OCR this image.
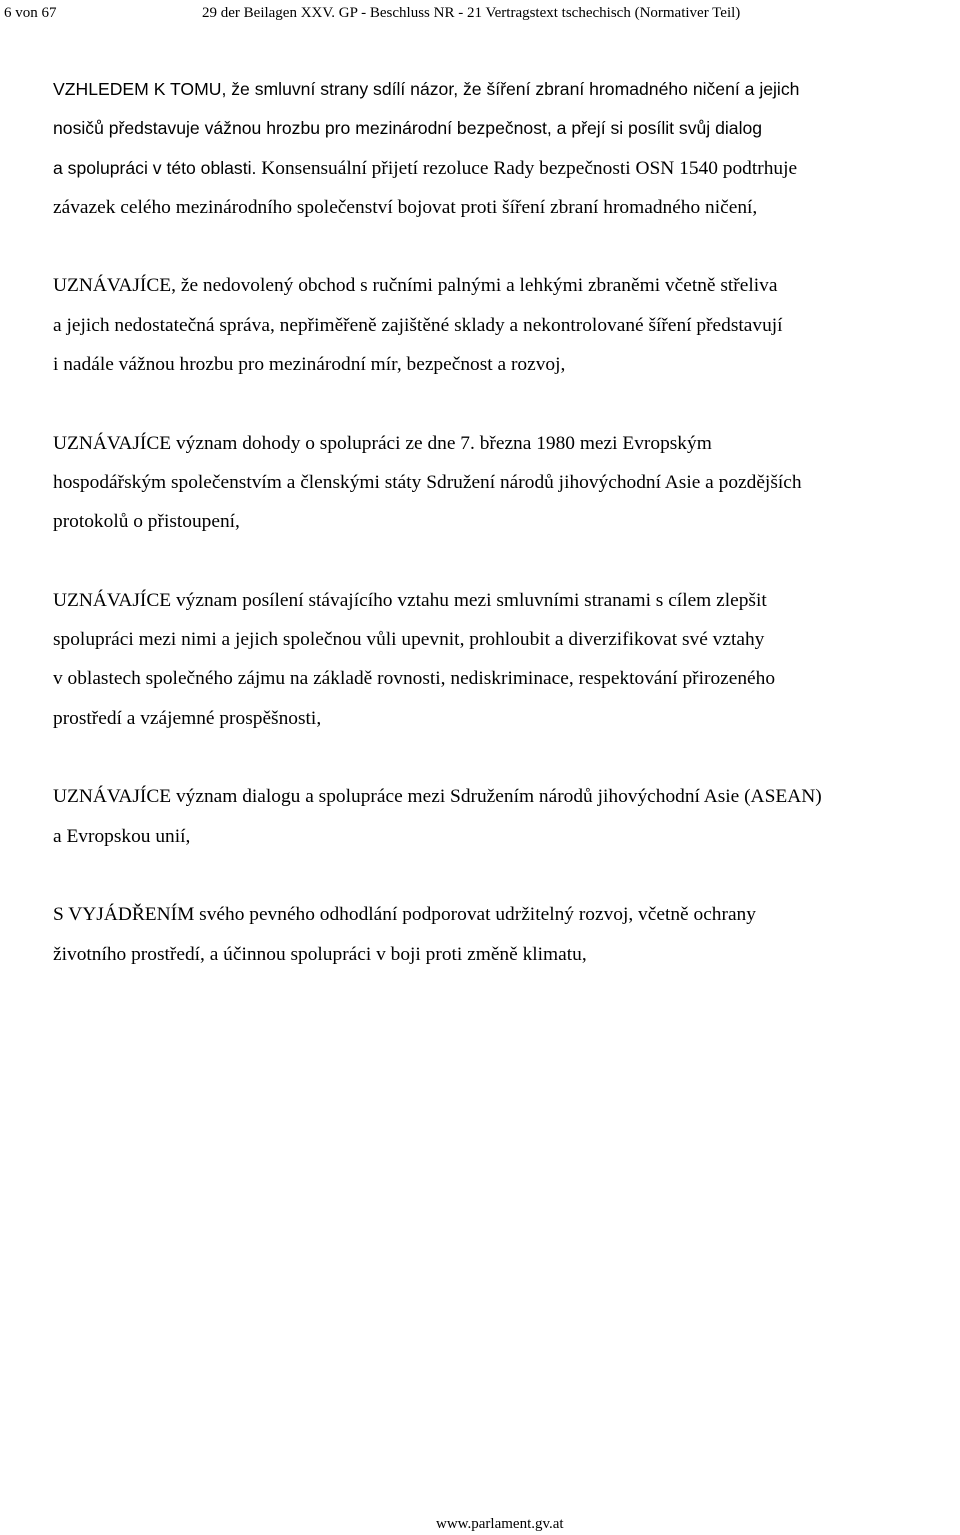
6 von 67	29 der Beilagen XXV. GP - Beschluss NR - 21 Vertragstext tschechisch (Normativer Teil)
VZHLEDEM K TOMU, že smluvní strany sdílí názor, že šíření zbraní hromadného ničení a jejich
nosičů představuje vážnou hrozbu pro mezinárodní bezpečnost, a přejí si posílit svůj dialog
a spolupráci v této oblasti. Konsensuální přijetí rezoluce Rady bezpečnosti OSN 1540 podtrhuje
závazek celého mezinárodního společenství bojovat proti šíření zbraní hromadného ničení,
UZNÁVAJÍCE, že nedovolený obchod s ručními palnými a lehkými zbraněmi včetně střeliva
a jejich nedostatečná správa, nepřiměřeně zajištěné sklady a nekontrolované šíření představují
i nadále vážnou hrozbu pro mezinárodní mír, bezpečnost a rozvoj,
UZNÁVAJÍCE význam dohody o spolupráci ze dne 7. března 1980 mezi Evropským
hospodářským společenstvím a členskými státy Sdružení národů jihovýchodní Asie a pozdějších
protokolů o přistoupení,
UZNÁVAJÍCE význam posílení stávajícího vztahu mezi smluvními stranami s cílem zlepšit
spolupráci mezi nimi a jejich společnou vůli upevnit, prohloubit a diverzifikovat své vztahy
v oblastech společného zájmu na základě rovnosti, nediskriminace, respektování přirozeného
prostředí a vzájemné prospěšnosti,
UZNÁVAJÍCE význam dialogu a spolupráce mezi Sdružením národů jihovýchodní Asie (ASEAN)
a Evropskou unií,
S VYJÁDŘENÍM svého pevného odhodlání podporovat udržitelný rozvoj, včetně ochrany
životního prostředí, a účinnou spolupráci v boji proti změně klimatu,
www.parlament.gv.at
